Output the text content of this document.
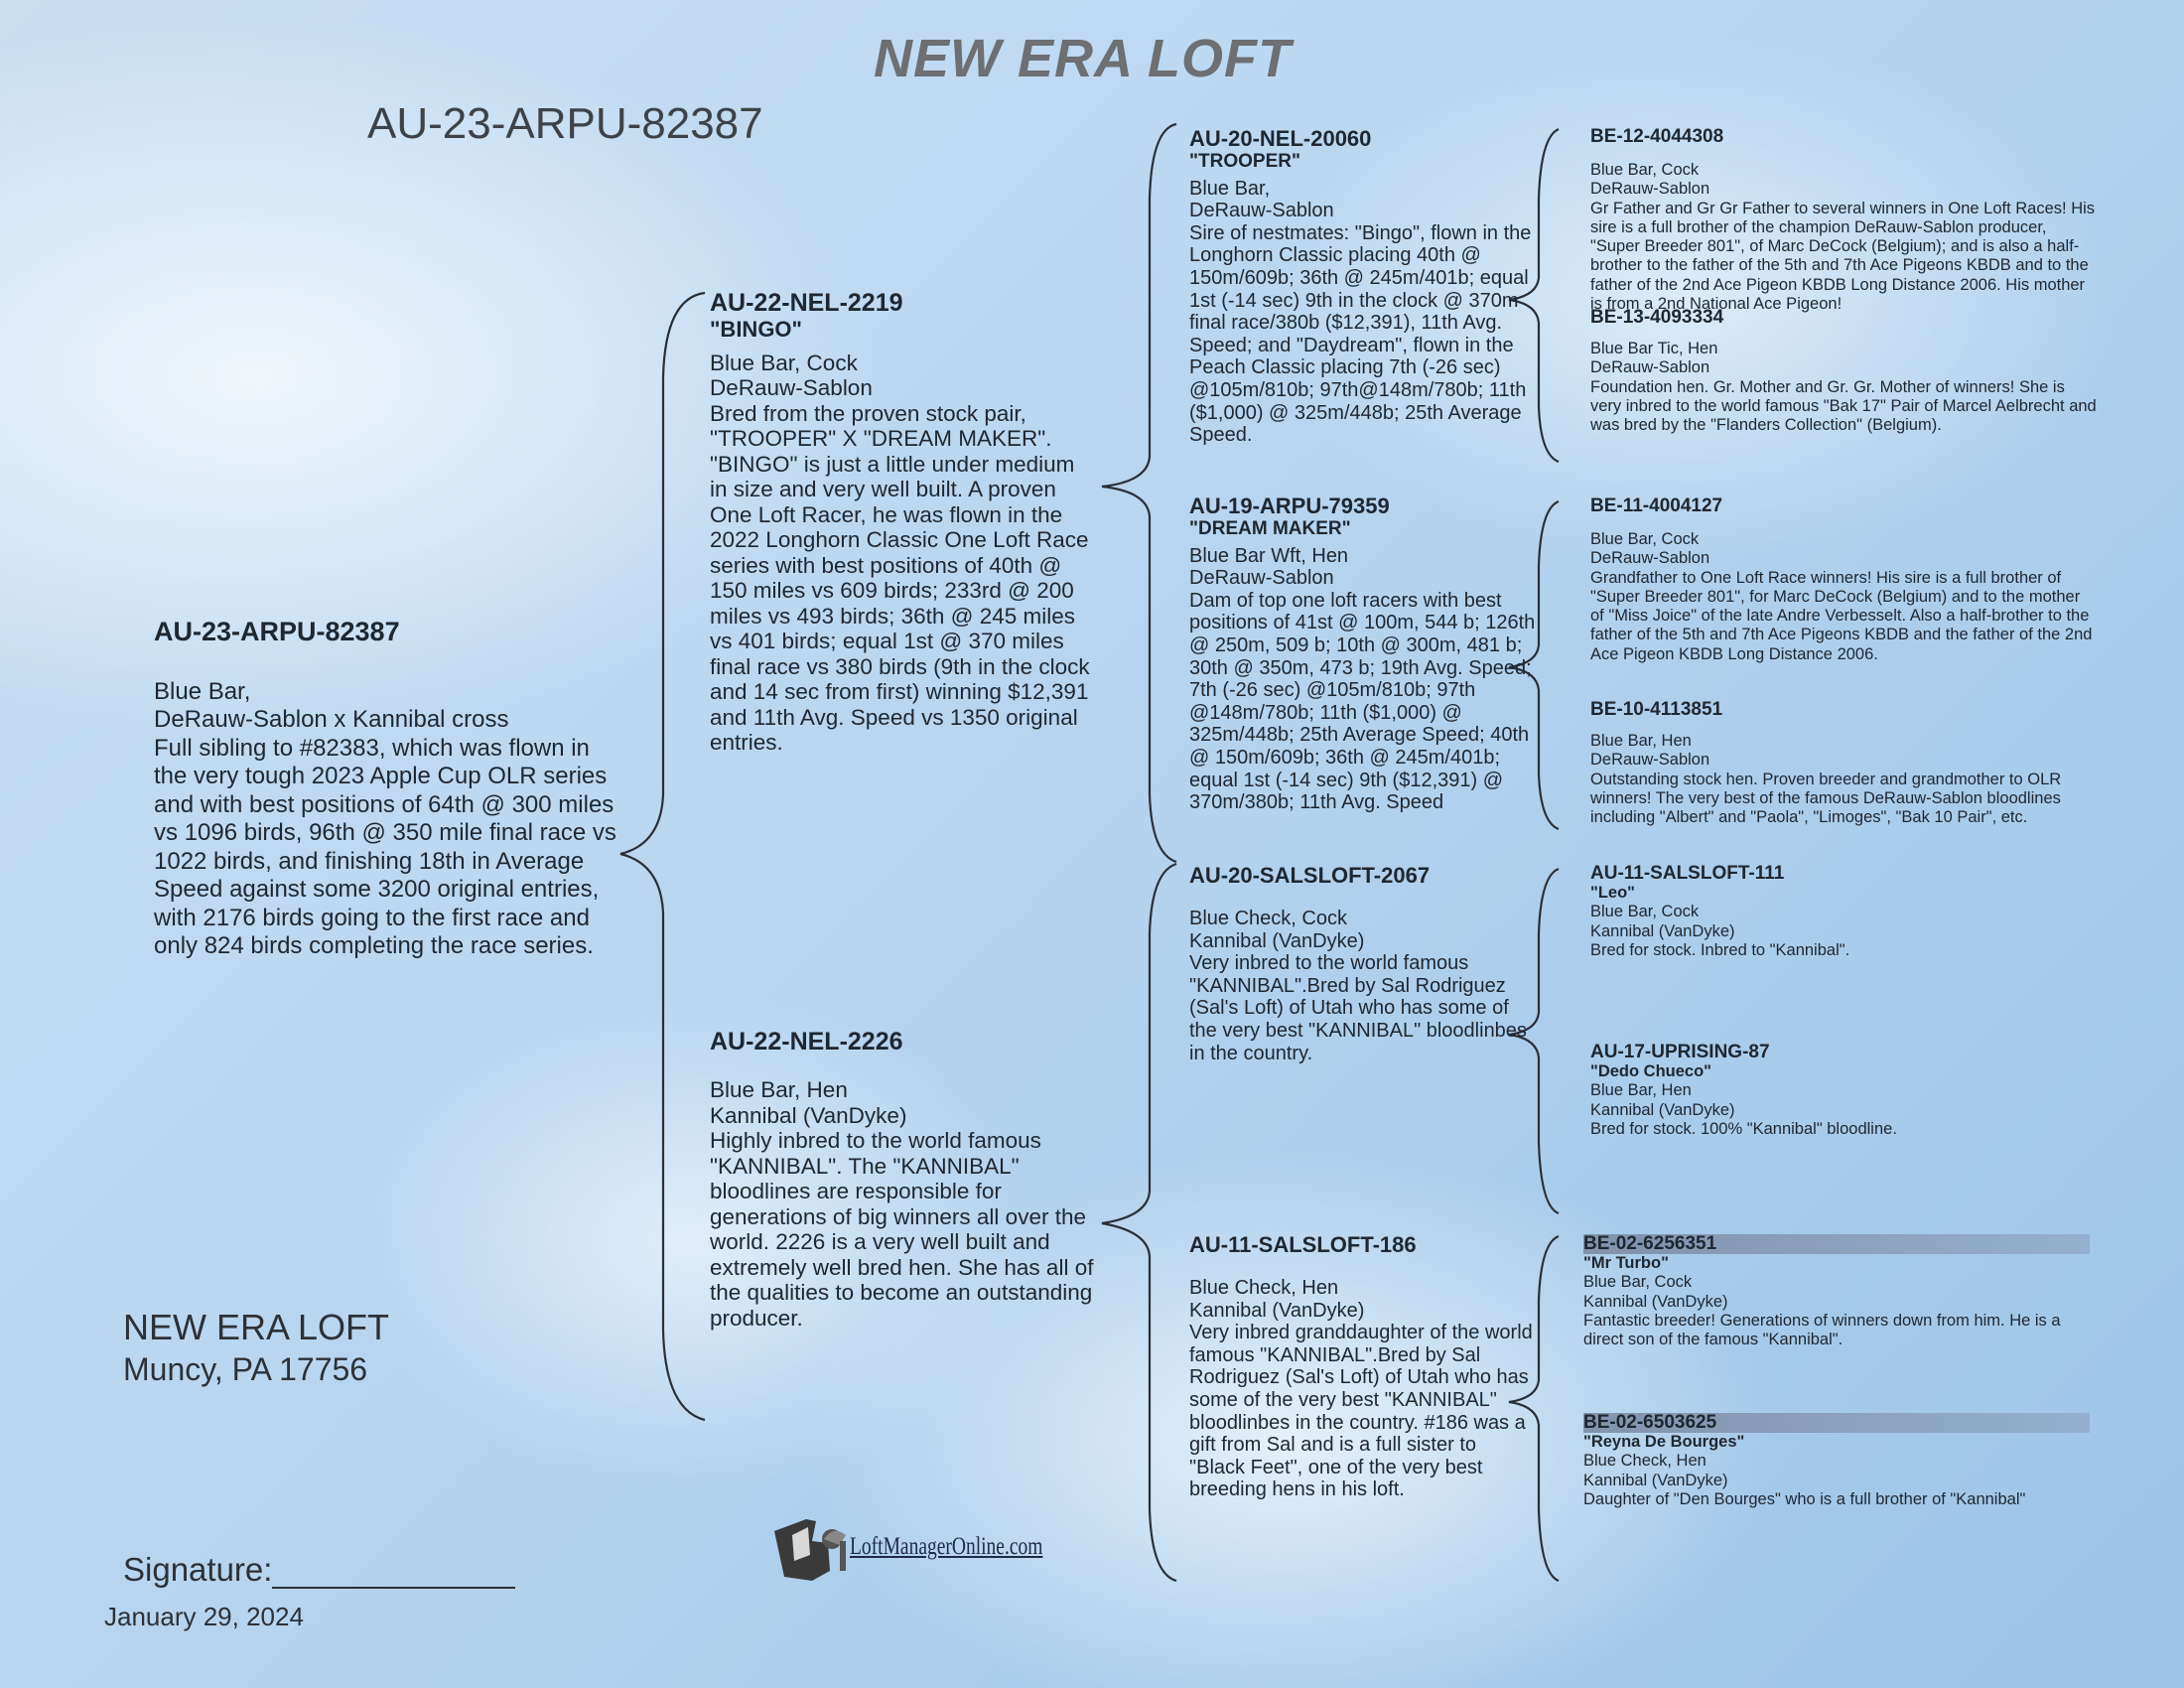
NEW ERA LOFT
AU-23-ARPU-82387
AU-23-ARPU-82387
Blue Bar,
DeRauw-Sablon x Kannibal cross
Full sibling to #82383, which was flown in the very tough 2023 Apple Cup OLR series and with best positions of 64th @ 300 miles vs 1096 birds, 96th @ 350 mile final race vs 1022 birds, and finishing 18th in Average Speed against some 3200 original entries, with 2176 birds going to the first race and only 824 birds completing the race series.
AU-22-NEL-2219
"BINGO"
Blue Bar, Cock
DeRauw-Sablon
Bred from the proven stock pair, "TROOPER" X "DREAM MAKER". "BINGO" is just a little under medium in size and very well built. A proven One Loft Racer, he was flown in the 2022 Longhorn Classic One Loft Race series with best positions of 40th @ 150 miles vs 609 birds; 233rd @ 200 miles vs 493 birds; 36th @ 245 miles vs 401 birds; equal 1st @ 370 miles final race vs 380 birds (9th in the clock and 14 sec from first) winning $12,391 and 11th Avg. Speed vs 1350 original entries.
AU-22-NEL-2226
Blue Bar, Hen
Kannibal (VanDyke)
Highly inbred to the world famous "KANNIBAL". The "KANNIBAL" bloodlines are responsible for generations of big winners all over the world. 2226 is a very well built and extremely well bred hen. She has all of the qualities to become an outstanding producer.
AU-20-NEL-20060
"TROOPER"
Blue Bar,
DeRauw-Sablon
Sire of nestmates: "Bingo", flown in the Longhorn Classic placing 40th @ 150m/609b; 36th @ 245m/401b; equal 1st (-14 sec) 9th in the clock @ 370m final race/380b ($12,391), 11th Avg. Speed; and "Daydream", flown in the Peach Classic placing 7th (-26 sec) @105m/810b; 97th@148m/780b; 11th ($1,000) @ 325m/448b; 25th Average Speed.
AU-19-ARPU-79359
"DREAM MAKER"
Blue Bar Wft, Hen
DeRauw-Sablon
Dam of top one loft racers with best positions of 41st @ 100m, 544 b; 126th @ 250m, 509 b; 10th @ 300m, 481 b; 30th @ 350m, 473 b; 19th Avg. Speed; 7th (-26 sec) @105m/810b; 97th @148m/780b; 11th ($1,000) @ 325m/448b; 25th Average Speed; 40th @ 150m/609b; 36th @ 245m/401b; equal 1st (-14 sec) 9th ($12,391) @ 370m/380b; 11th Avg. Speed
AU-20-SALSLOFT-2067
Blue Check, Cock
Kannibal (VanDyke)
Very inbred to the world famous "KANNIBAL".Bred by Sal Rodriguez (Sal's Loft) of Utah who has some of the very best "KANNIBAL" bloodlinbes in the country.
AU-11-SALSLOFT-186
Blue Check, Hen
Kannibal (VanDyke)
Very inbred granddaughter of the world famous "KANNIBAL".Bred by Sal Rodriguez (Sal's Loft) of Utah who has some of the very best "KANNIBAL" bloodlinbes in the country. #186 was a gift from Sal and is a full sister to "Black Feet", one of the very best breeding hens in his loft.
BE-12-4044308
Blue Bar, Cock
DeRauw-Sablon
Gr Father and Gr Gr Father to several winners in One Loft Races! His sire is a full brother of the champion DeRauw-Sablon producer, "Super Breeder 801", of Marc DeCock (Belgium); and is also a half-brother to the father of the 5th and 7th Ace Pigeons KBDB and to the father of the 2nd Ace Pigeon KBDB Long Distance 2006. His mother is from a 2nd National Ace Pigeon!
BE-13-4093334
Blue Bar Tic, Hen
DeRauw-Sablon
Foundation hen. Gr. Mother and Gr. Gr. Mother of winners! She is very inbred to the world famous "Bak 17" Pair of Marcel Aelbrecht and was bred by the "Flanders Collection" (Belgium).
BE-11-4004127
Blue Bar, Cock
DeRauw-Sablon
Grandfather to One Loft Race winners! His sire is a full brother of "Super Breeder 801", for Marc DeCock (Belgium) and to the mother of "Miss Joice" of the late Andre Verbesselt. Also a half-brother to the father of the 5th and 7th Ace Pigeons KBDB and the father of the 2nd Ace Pigeon KBDB Long Distance 2006.
BE-10-4113851
Blue Bar, Hen
DeRauw-Sablon
Outstanding stock hen. Proven breeder and grandmother to OLR winners! The very best of the famous DeRauw-Sablon bloodlines including "Albert" and "Paola", "Limoges", "Bak 10 Pair", etc.
AU-11-SALSLOFT-111
"Leo"
Blue Bar, Cock
Kannibal (VanDyke)
Bred for stock. Inbred to "Kannibal".
AU-17-UPRISING-87
"Dedo Chueco"
Blue Bar, Hen
Kannibal (VanDyke)
Bred for stock. 100% "Kannibal" bloodline.
BE-02-6256351
"Mr Turbo"
Blue Bar, Cock
Kannibal (VanDyke)
Fantastic breeder! Generations of winners down from him. He is a direct son of the famous "Kannibal".
BE-02-6503625
"Reyna De Bourges"
Blue Check, Hen
Kannibal (VanDyke)
Daughter of "Den Bourges" who is a full brother of "Kannibal"
NEW ERA LOFT
Muncy, PA 17756
LoftManagerOnline.com
Signature:
January 29, 2024
